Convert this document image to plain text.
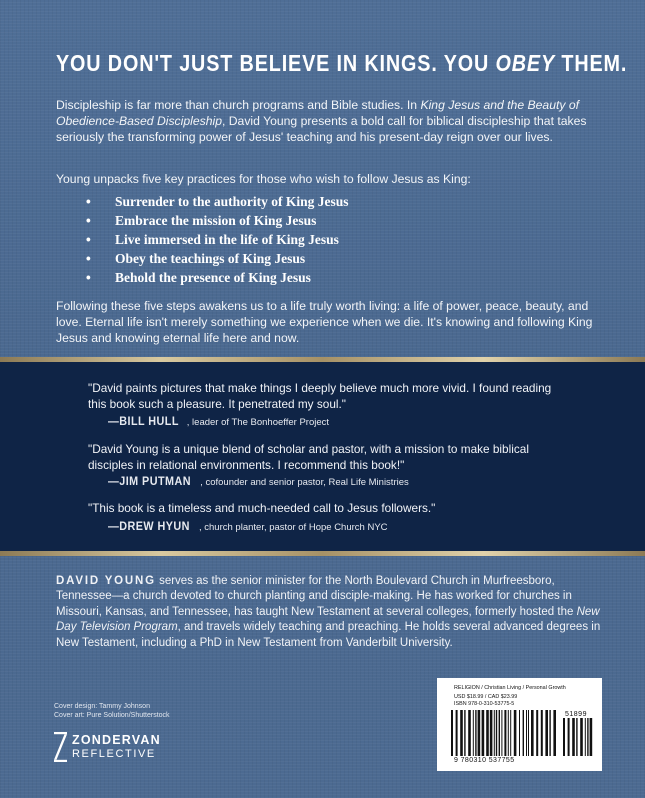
YOU DON'T JUST BELIEVE IN KINGS. YOU OBEY THEM.
Discipleship is far more than church programs and Bible studies. In King Jesus and the Beauty of Obedience-Based Discipleship, David Young presents a bold call for biblical discipleship that takes seriously the transforming power of Jesus' teaching and his present-day reign over our lives.
Young unpacks five key practices for those who wish to follow Jesus as King:
• Surrender to the authority of King Jesus
• Embrace the mission of King Jesus
• Live immersed in the life of King Jesus
• Obey the teachings of King Jesus
• Behold the presence of King Jesus
Following these five steps awakens us to a life truly worth living: a life of power, peace, beauty, and love. Eternal life isn't merely something we experience when we die. It's knowing and following King Jesus and knowing eternal life here and now.
"David paints pictures that make things I deeply believe much more vivid. I found reading this book such a pleasure. It penetrated my soul."
—BILL HULL , leader of The Bonhoeffer Project
"David Young is a unique blend of scholar and pastor, with a mission to make biblical disciples in relational environments. I recommend this book!"
—JIM PUTMAN , cofounder and senior pastor, Real Life Ministries
"This book is a timeless and much-needed call to Jesus followers."
—DREW HYUN , church planter, pastor of Hope Church NYC
DAVID YOUNG serves as the senior minister for the North Boulevard Church in Murfreesboro, Tennessee—a church devoted to church planting and disciple-making. He has worked for churches in Missouri, Kansas, and Tennessee, has taught New Testament at several colleges, formerly hosted the New Day Television Program, and travels widely teaching and preaching. He holds several advanced degrees in New Testament, including a PhD in New Testament from Vanderbilt University.
Cover design: Tammy Johnson
Cover art: Pure Solution/Shutterstock
ZONDERVAN
REFLECTIVE
RELIGION / Christian Living / Personal Growth
USD $18.99 / CAD $23.99
ISBN 978-0-310-53775-5
51899
9 780310 537755
